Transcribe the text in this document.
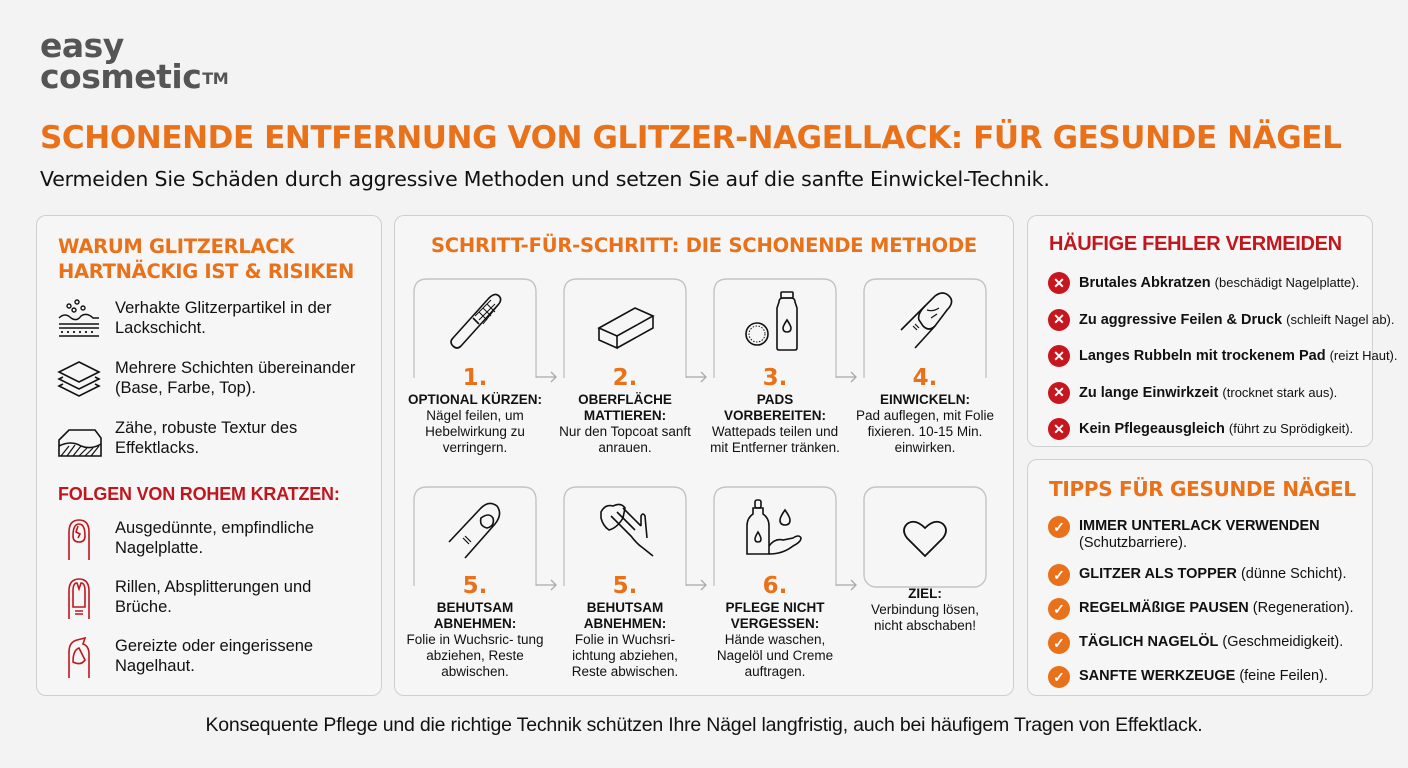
easy
cosmetic™
SCHONENDE ENTFERNUNG VON GLITZER-NAGELLACK: FÜR GESUNDE NÄGEL

Vermeiden Sie Schäden durch aggressive Methoden und setzen Sie auf die sanfte Einwickel-Technik.

WARUM GLITZERLACK HARTNÄCKIG IST & RISIKEN
Verhakte Glitzerpartikel in der Lackschicht.
Mehrere Schichten übereinander (Base, Farbe, Top).
Zähe, robuste Textur des Effektlacks.
FOLGEN VON ROHEM KRATZEN:
Ausgedünnte, empfindliche Nagelplatte.
Rillen, Absplitterungen und Brüche.
Gereizte oder eingerissene Nagelhaut.
SCHRITT-FÜR-SCHRITT: DIE SCHONENDE METHODE
1.
OPTIONAL KÜRZEN:
Nägel feilen, um Hebelwirkung zu verringern.
2.
OBERFLÄCHE MATTIEREN:
Nur den Topcoat sanft anrauen.
3.
PADS VORBEREITEN:
Wattepads teilen und mit Entferner tränken.
4.
EINWICKELN:
Pad auflegen, mit Folie fixieren. 10-15 Min. einwirken.
5.
BEHUTSAM ABNEHMEN:
Folie in Wuchsric- tung abziehen, Reste abwischen.
5.
BEHUTSAM ABNEHMEN:
Folie in Wuchsri- ichtung abziehen, Reste abwischen.
6.
PFLEGE NICHT VERGESSEN:
Hände waschen, Nagelöl und Creme auftragen.
ZIEL:
Verbindung lösen, nicht abschaben!
HÄUFIGE FEHLER VERMEIDEN
✕ Brutales Abkratzen (beschädigt Nagelplatte).
✕ Zu aggressive Feilen & Druck (schleift Nagel ab).
✕ Langes Rubbeln mit trockenem Pad (reizt Haut).
✕ Zu lange Einwirkzeit (trocknet stark aus).
✕ Kein Pflegeausgleich (führt zu Sprödigkeit).
TIPPS FÜR GESUNDE NÄGEL
✓ IMMER UNTERLACK VERWENDEN
(Schutzbarriere).
✓ GLITZER ALS TOPPER (dünne Schicht).
✓ REGELMÄßIGE PAUSEN (Regeneration).
✓ TÄGLICH NAGELÖL (Geschmeidigkeit).
✓ SANFTE WERKZEUGE (feine Feilen).

Konsequente Pflege und die richtige Technik schützen Ihre Nägel langfristig, auch bei häufigem Tragen von Effektlack.
